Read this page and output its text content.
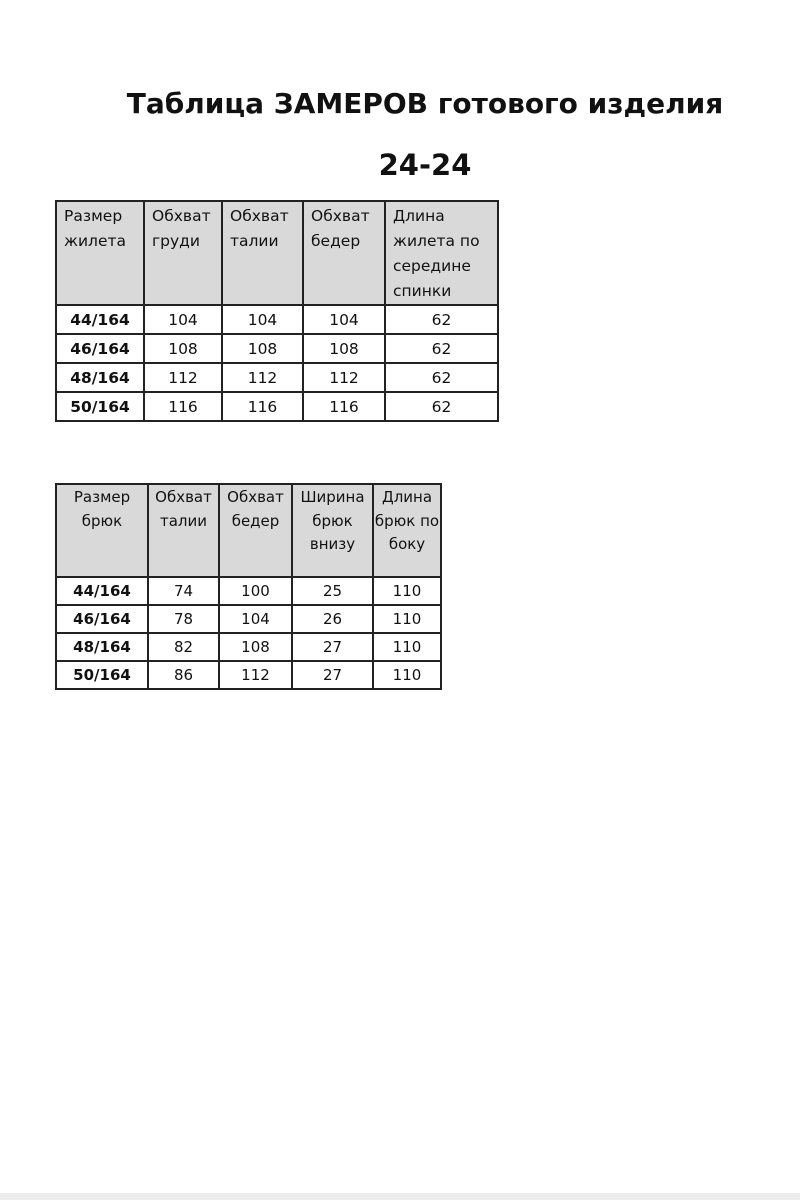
Таблица ЗАМЕРОВ готового изделия
24-24
Размер жилета	Обхват груди	Обхват талии	Обхват бедер	Длина жилета по середине спинки
44/164	104	104	104	62
46/164	108	108	108	62
48/164	112	112	112	62
50/164	116	116	116	62
Размер брюк	Обхват талии	Обхват бедер	Ширина брюк внизу	Длина брюк по боку
44/164	74	100	25	110
46/164	78	104	26	110
48/164	82	108	27	110
50/164	86	112	27	110
